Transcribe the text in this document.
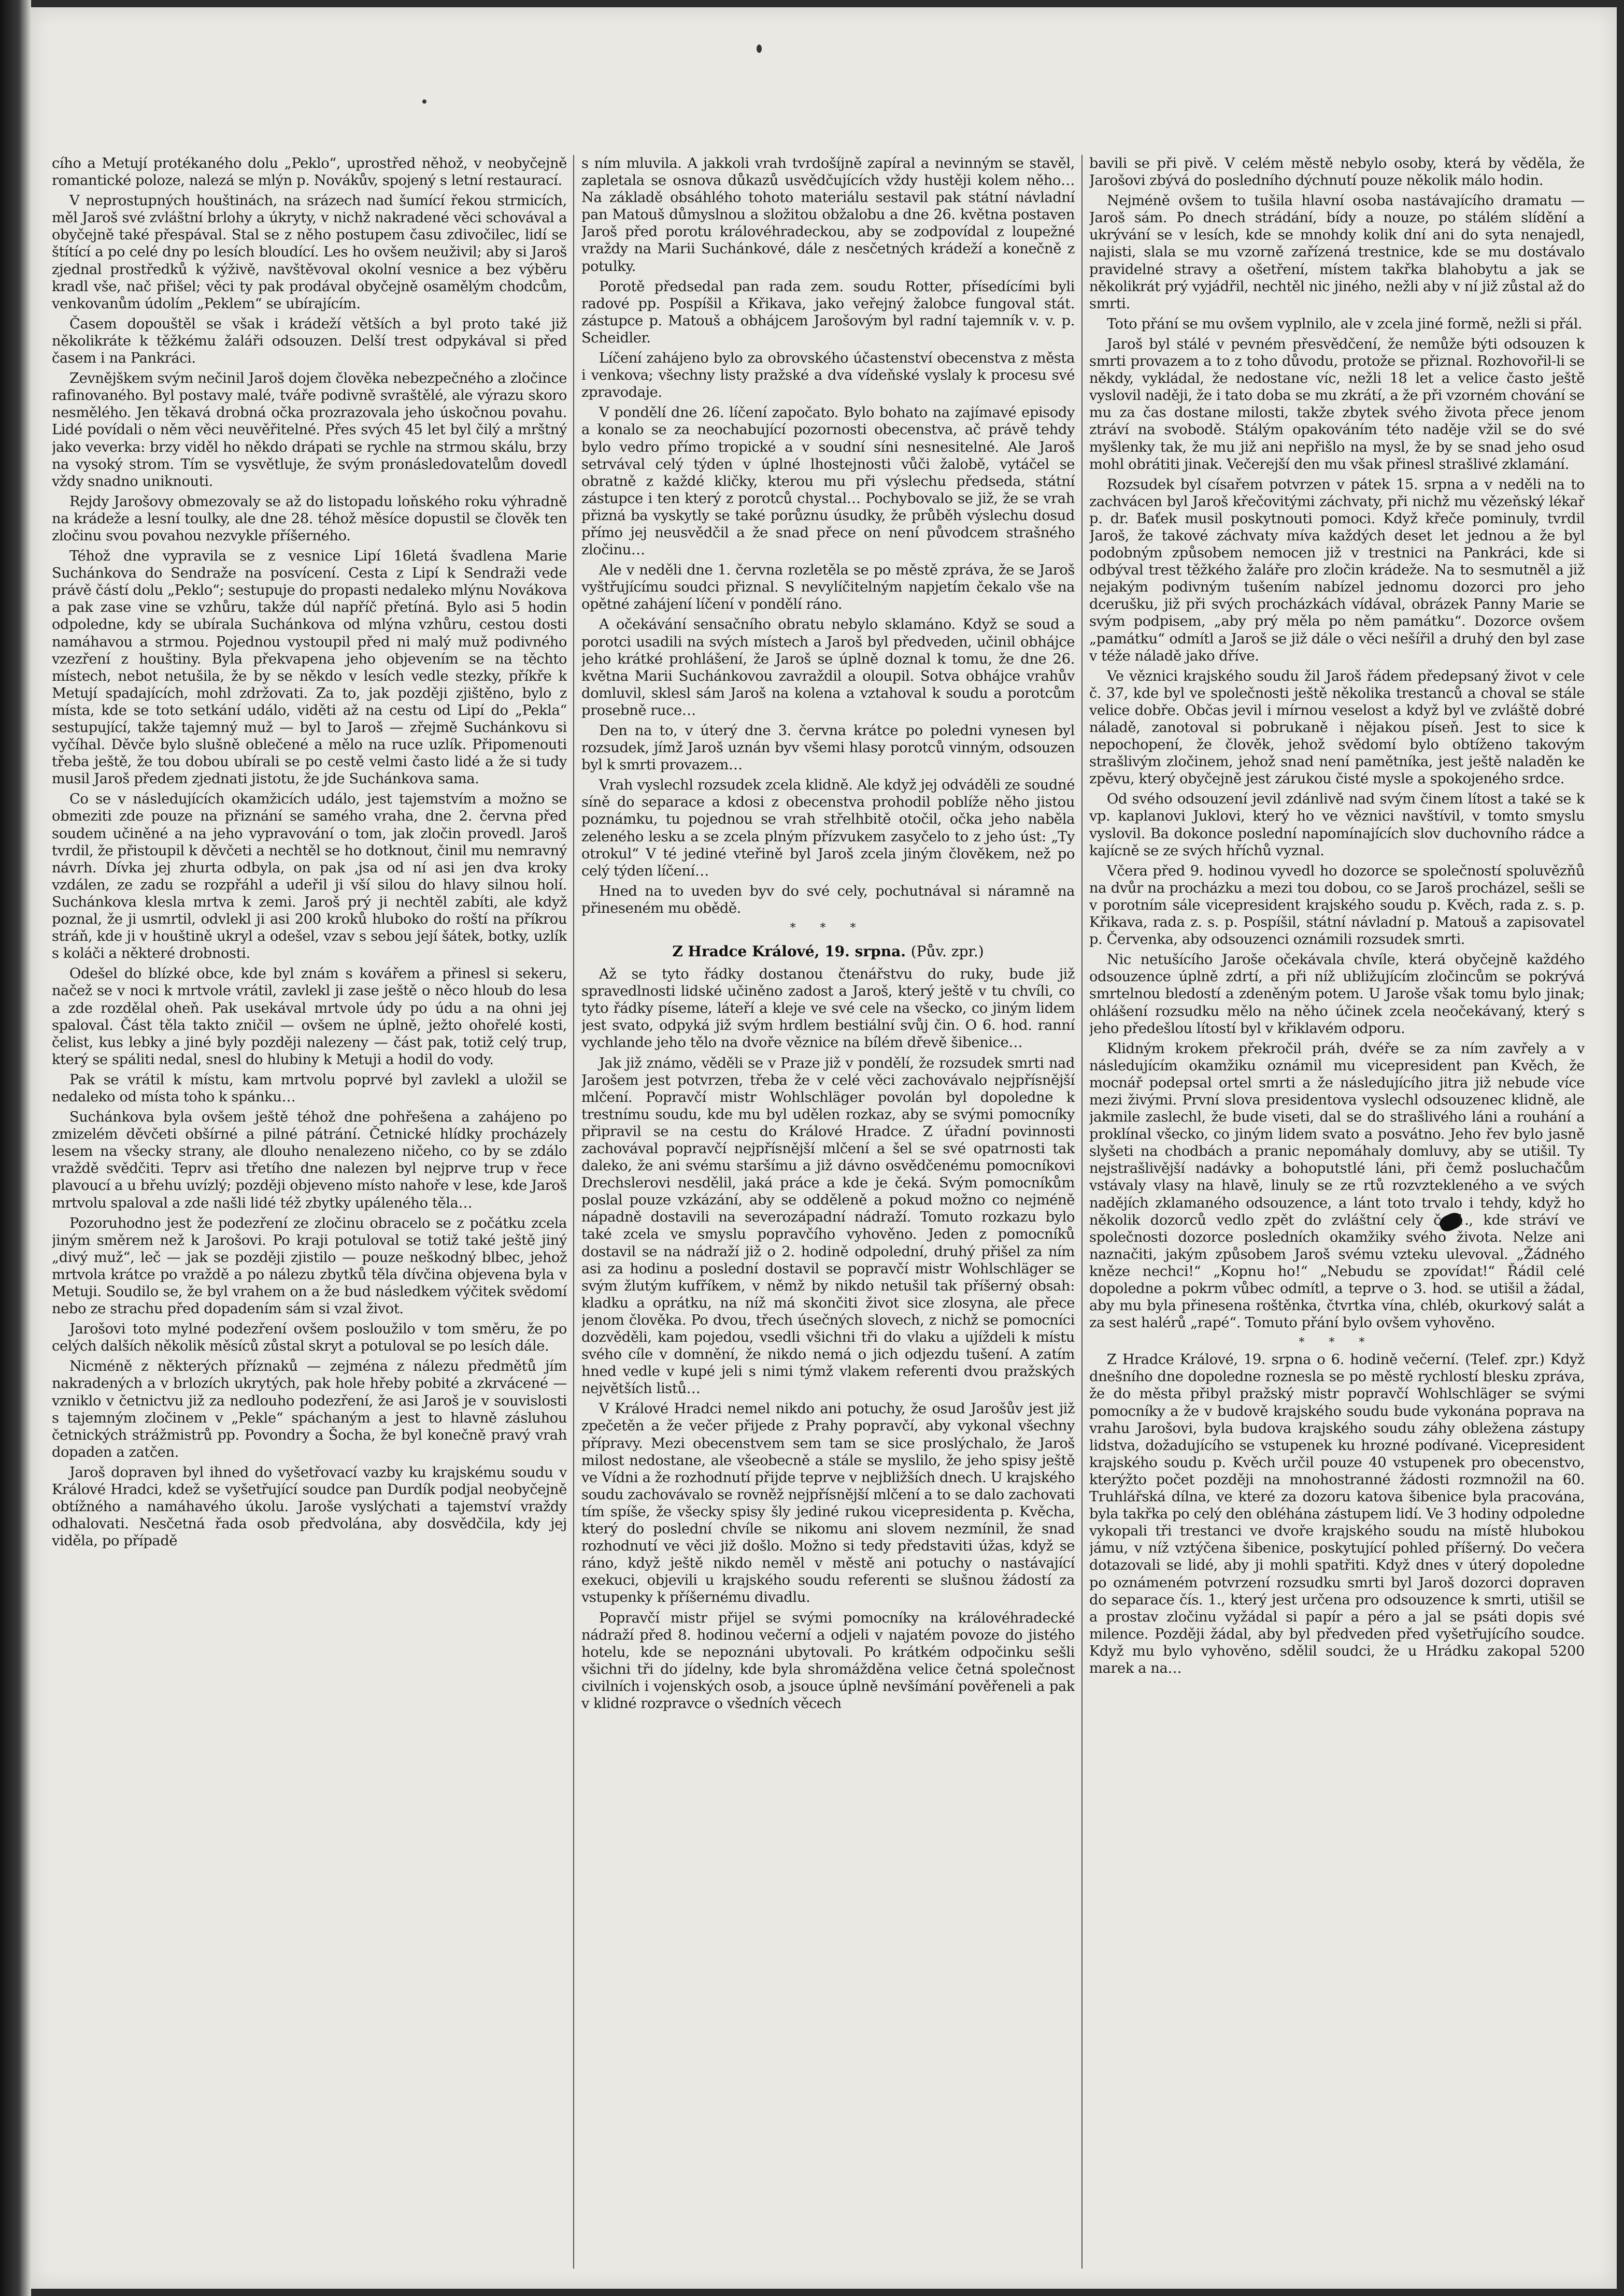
cího a Metují protékaného dolu „Peklo“, uprostřed něhož, v neobyčejně romantické poloze, nalezá se mlýn p. Novákův, spojený s letní restaurací.

V neprostupných houštinách, na srázech nad šumící řekou strmicích, měl Jaroš své zvláštní brlohy a úkryty, v nichž nakradené věci schovával a obyčejně také přespával. Stal se z něho postupem času zdivočilec, lidí se štítící a po celé dny po lesích bloudící. Les ho ovšem neuživil; aby si Jaroš zjednal prostředků k výživě, navštěvoval okolní vesnice a bez výběru kradl vše, nač přišel; věci ty pak prodával obyčejně osamělým chodcům, venkovanům údolím „Peklem“ se ubírajícím.

Časem dopouštěl se však i krádeží větších a byl proto také již několikráte k těžkému žaláři odsouzen. Delší trest odpykával si před časem i na Pankráci.

Zevnějškem svým nečinil Jaroš dojem člověka nebezpečného a zločince rafinovaného. Byl postavy malé, tváře podivně svraštělé, ale výrazu skoro nesmělého. Jen těkavá drobná očka prozrazovala jeho úskočnou povahu. Lidé povídali o něm věci neuvěřitelné. Přes svých 45 let byl čilý a mrštný jako veverka: brzy viděl ho někdo drápati se rychle na strmou skálu, brzy na vysoký strom. Tím se vysvětluje, že svým pronásledovatelům dovedl vždy snadno uniknouti.

Rejdy Jarošovy obmezovaly se až do listopadu loňského roku výhradně na krádeže a lesní toulky, ale dne 28. téhož měsíce dopustil se člověk ten zločinu svou povahou nezvykle příšerného.

Téhož dne vypravila se z vesnice Lipí 16letá švadlena Marie Suchánkova do Sendraže na posvícení. Cesta z Lipí k Sendraži vede právě částí dolu „Peklo“; sestupuje do propasti nedaleko mlýnu Novákova a pak zase vine se vzhůru, takže dúl napříč přetíná. Bylo asi 5 hodin odpoledne, kdy se ubírala Suchánkova od mlýna vzhůru, cestou dosti namáhavou a strmou. Pojednou vystoupil před ni malý muž podivného vzezření z houštiny. Byla překvapena jeho objevením se na těchto místech, nebot netušila, že by se někdo v lesích vedle stezky, příkře k Metují spadajících, mohl zdržovati. Za to, jak později zjištěno, bylo z místa, kde se toto setkání událo, viděti až na cestu od Lipí do „Pekla“ sestupující, takže tajemný muž — byl to Jaroš — zřejmě Suchánkovu si vyčíhal. Děvče bylo slušně oblečené a mělo na ruce uzlík. Připomenouti třeba ještě, že tou dobou ubírali se po cestě velmi často lidé a že si tudy musil Jaroš předem zjednati jistotu, že jde Suchánkova sama.

Co se v následujících okamžicích událo, jest tajemstvím a možno se obmeziti zde pouze na přiznání se samého vraha, dne 2. června před soudem učiněné a na jeho vypravování o tom, jak zločin provedl. Jaroš tvrdil, že přistoupil k děvčeti a nechtěl se ho dotknout, činil mu nemravný návrh. Dívka jej zhurta odbyla, on pak ‚jsa od ní asi jen dva kroky vzdálen, ze zadu se rozpřáhl a udeřil ji vší silou do hlavy silnou holí. Suchánkova klesla mrtva k zemi. Jaroš prý ji nechtěl zabíti, ale když poznal, že ji usmrtil, odvlekl ji asi 200 kroků hluboko do roští na příkrou stráň, kde ji v houštině ukryl a odešel, vzav s sebou její šátek, botky, uzlík s koláči a některé drobnosti.

Odešel do blízké obce, kde byl znám s kovářem a přinesl si sekeru, načež se v noci k mrtvole vrátil, zavlekl ji zase ještě o něco hloub do lesa a zde rozdělal oheň. Pak usekával mrtvole údy po údu a na ohni jej spaloval. Část těla takto zničil — ovšem ne úplně, ježto ohořelé kosti, čelist, kus lebky a jiné byly později nalezeny — část pak, totiž celý trup, který se spáliti nedal, snesl do hlubiny k Metuji a hodil do vody.

Pak se vrátil k místu, kam mrtvolu poprvé byl zavlekl a uložil se nedaleko od místa toho k spánku…

Suchánkova byla ovšem ještě téhož dne pohřešena a zahájeno po zmizelém děvčeti obšírné a pilné pátrání. Četnické hlídky procházely lesem na všecky strany, ale dlouho nenalezeno ničeho, co by se zdálo vraždě svědčiti. Teprv asi třetího dne nalezen byl nejprve trup v řece plavoucí a u břehu uvízlý; později objeveno místo nahoře v lese, kde Jaroš mrtvolu spaloval a zde našli lidé též zbytky upáleného těla…

Pozoruhodno jest že podezření ze zločinu obracelo se z počátku zcela jiným směrem než k Jarošovi. Po kraji potuloval se totiž také ještě jiný „divý muž“, leč — jak se později zjistilo — pouze neškodný blbec, jehož mrtvola krátce po vraždě a po nálezu zbytků těla dívčina objevena byla v Metuji. Soudilo se, že byl vrahem on a že bud následkem výčitek svědomí nebo ze strachu před dopadením sám si vzal život.

Jarošovi toto mylné podezření ovšem posloužilo v tom směru, že po celých dalších několik měsíců zůstal skryt a potuloval se po lesích dále.

Nicméně z některých příznaků — zejména z nálezu předmětů jím nakradených a v brlozích ukrytých, pak hole hřeby pobité a zkrvácené — vzniklo v četnictvu již za nedlouho podezření, že asi Jaroš je v souvislosti s tajemným zločinem v „Pekle“ spáchaným a jest to hlavně zásluhou četnických strážmistrů pp. Povondry a Šocha, že byl konečně pravý vrah dopaden a zatčen.

Jaroš dopraven byl ihned do vyšetřovací vazby ku krajskému soudu v Králové Hradci, kdež se vyšetřující soudce pan Durdík podjal neobyčejně obtížného a namáhavého úkolu. Jaroše vyslýchati a tajemství vraždy odhalovati. Nesčetná řada osob předvolána, aby dosvědčila, kdy jej viděla, po případě

s ním mluvila. A jakkoli vrah tvrdošíjně zapíral a nevinným se stavěl, zapletala se osnova důkazů usvědčujících vždy hustěji kolem něho… Na základě obsáhlého tohoto materiálu sestavil pak státní návladní pan Matouš důmyslnou a složitou obžalobu a dne 26. května postaven Jaroš před porotu královéhradeckou, aby se zodpovídal z loupežné vraždy na Marii Suchánkové, dále z nesčetných krádeží a konečně z potulky.

Porotě předsedal pan rada zem. soudu Rotter, přísedícími byli radové pp. Pospíšil a Křikava, jako veřejný žalobce fungoval stát. zástupce p. Matouš a obhájcem Jarošovým byl radní tajemník v. v. p. Scheidler.

Líčení zahájeno bylo za obrovského účastenství obecenstva z města i venkova; všechny listy pražské a dva vídeňské vyslaly k procesu své zpravodaje.

V pondělí dne 26. líčení započato. Bylo bohato na zajímavé episody a konalo se za neochabující pozornosti obecenstva, ač právě tehdy bylo vedro přímo tropické a v soudní síni nesnesitelné. Ale Jaroš setrvával celý týden v úplné lhostejnosti vůči žalobě, vytáčel se obratně z každé kličky, kterou mu při výslechu předseda, státní zástupce i ten který z porotců chystal… Pochybovalo se již, že se vrah přizná ba vyskytly se také porůznu úsudky, že průběh výslechu dosud přímo jej neusvědčil a že snad přece on není původcem strašného zločinu…

Ale v neděli dne 1. června rozletěla se po městě zpráva, že se Jaroš vyštřujícímu soudci přiznal. S nevylíčitelným napjetím čekalo vše na opětné zahájení líčení v pondělí ráno.

A očekávání sensačního obratu nebylo sklamáno. Když se soud a porotci usadili na svých místech a Jaroš byl předveden, učinil obhájce jeho krátké prohlášení, že Jaroš se úplně doznal k tomu, že dne 26. května Marii Suchánkovou zavraždil a oloupil. Sotva obhájce vrahův domluvil, sklesl sám Jaroš na kolena a vztahoval k soudu a porotcům prosebně ruce…

Den na to, v úterý dne 3. června krátce po poledni vynesen byl rozsudek, jímž Jaroš uznán byv všemi hlasy porotců vinným, odsouzen byl k smrti provazem…

Vrah vyslechl rozsudek zcela klidně. Ale když jej odváděli ze soudné síně do separace a kdosi z obecenstva prohodil poblíže něho jistou poznámku, tu pojednou se vrah střelhbitě otočil, očka jeho naběla zeleného lesku a se zcela plným přízvukem zasyčelo to z jeho úst: „Ty otrokul“ V té jediné vteřině byl Jaroš zcela jiným člověkem, než po celý týden líčení…

Hned na to uveden byv do své cely, pochutnával si náramně na přineseném mu obědě.

* * *
Z Hradce Králové, 19. srpna. (Pův. zpr.)

Až se tyto řádky dostanou čtenářstvu do ruky, bude již spravedlnosti lidské učiněno zadost a Jaroš, který ještě v tu chvíli, co tyto řádky píseme, láteří a kleje ve své cele na všecko, co jiným lidem jest svato, odpyká již svým hrdlem bestiální svůj čin. O 6. hod. ranní vychlande jeho tělo na dvoře věznice na bílém dřevě šibenice…

Jak již známo, věděli se v Praze již v pondělí, že rozsudek smrti nad Jarošem jest potvrzen, třeba že v celé věci zachovávalo nejpřísnější mlčení. Popravčí mistr Wohlschläger povolán byl dopoledne k trestnímu soudu, kde mu byl udělen rozkaz, aby se svými pomocníky připravil se na cestu do Králové Hradce. Z úřadní povinnosti zachovával popravčí nejpřísnější mlčení a šel se své opatrnosti tak daleko, že ani svému staršímu a již dávno osvědčenému pomocníkovi Drechslerovi nesdělil, jaká práce a kde je čeká. Svým pomocníkům poslal pouze vzkázání, aby se odděleně a pokud možno co nejméně nápadně dostavili na severozápadní nádraží. Tomuto rozkazu bylo také zcela ve smyslu popravčího vyhověno. Jeden z pomocníků dostavil se na nádraží již o 2. hodině odpolední, druhý přišel za ním asi za hodinu a poslední dostavil se popravčí mistr Wohlschläger se svým žlutým kufříkem, v němž by nikdo netušil tak příšerný obsah: kladku a oprátku, na níž má skončiti život sice zlosyna, ale přece jenom člověka. Po dvou, třech úsečných slovech, z nichž se pomocníci dozvěděli, kam pojedou, vsedli všichni tři do vlaku a ujíždeli k místu svého cíle v domnění, že nikdo nemá o jich odjezdu tušení. A zatím hned vedle v kupé jeli s nimi týmž vlakem referenti dvou pražských největších listů…

V Králové Hradci nemel nikdo ani potuchy, že osud Jarošův jest již zpečetěn a že večer přijede z Prahy popravčí, aby vykonal všechny přípravy. Mezi obecenstvem sem tam se sice proslýchalo, že Jaroš milost nedostane, ale všeobecně a stále se myslilo, že jeho spisy ještě ve Vídni a že rozhodnutí přijde teprve v nejbližších dnech. U krajského soudu zachovávalo se rovněž nejpřísnější mlčení a to se dalo zachovati tím spíše, že všecky spisy šly jediné rukou vicepresidenta p. Kvěcha, který do poslední chvíle se nikomu ani slovem nezmínil, že snad rozhodnutí ve věci již došlo. Možno si tedy představiti úžas, když se ráno, když ještě nikdo neměl v městě ani potuchy o nastávající exekuci, objevili u krajského soudu referenti se slušnou žádostí za vstupenky k příšernému divadlu.

Popravčí mistr přijel se svými pomocníky na královéhradecké nádraží před 8. hodinou večerní a odjeli v najatém povoze do jistého hotelu, kde se nepoznáni ubytovali. Po krátkém odpočinku sešli všichni tři do jídelny, kde byla shromážděna velice četná společnost civilních i vojenských osob, a jsouce úplně nevšímání pověřeneli a pak v klidné rozpravce o všedních věcech

bavili se při pivě. V celém městě nebylo osoby, která by věděla, že Jarošovi zbývá do posledního dýchnutí pouze několik málo hodin.

Nejméně ovšem to tušila hlavní osoba nastávajícího dramatu — Jaroš sám. Po dnech strádání, bídy a nouze, po stálém slídění a ukrývání se v lesích, kde se mnohdy kolik dní ani do syta nenajedl, najisti, slala se mu vzorně zařízená trestnice, kde se mu dostávalo pravidelné stravy a ošetření, místem takřka blahobytu a jak se několikrát prý vyjádřil, nechtěl nic jiného, nežli aby v ní již zůstal až do smrti.

Toto přání se mu ovšem vyplnilo, ale v zcela jiné formě, nežli si přál.

Jaroš byl stálé v pevném přesvědčení, že nemůže býti odsouzen k smrti provazem a to z toho důvodu, protože se přiznal. Rozhovořil-li se někdy, vykládal, že nedostane víc, nežli 18 let a velice často ještě vyslovil naději, že i tato doba se mu zkrátí, a že při vzorném chování se mu za čas dostane milosti, takže zbytek svého života přece jenom ztráví na svobodě. Stálým opakováním této naděje vžil se do své myšlenky tak, že mu již ani nepřišlo na mysl, že by se snad jeho osud mohl obrátiti jinak. Večerejší den mu však přinesl strašlivé zklamání.

Rozsudek byl císařem potvrzen v pátek 15. srpna a v neděli na to zachvácen byl Jaroš křečovitými záchvaty, při nichž mu vězeňský lékař p. dr. Baťek musil poskytnouti pomoci. Když křeče pominuly, tvrdil Jaroš, že takové záchvaty míva každých deset let jednou a že byl podobným způsobem nemocen již v trestnici na Pankráci, kde si odbýval trest těžkého žaláře pro zločin krádeže. Na to sesmutněl a již nejakým podivným tušením nabízel jednomu dozorci pro jeho dcerušku, již při svých procházkách vídával, obrázek Panny Marie se svým podpisem, „aby prý měla po něm památku“. Dozorce ovšem „památku“ odmítl a Jaroš se již dále o věci nešířil a druhý den byl zase v téže náladě jako dříve.

Ve věznici krajského soudu žil Jaroš řádem předepsaný život v cele č. 37, kde byl ve společnosti ještě několika trestanců a choval se stále velice dobře. Občas jevil i mírnou veselost a když byl ve zvláště dobré náladě, zanotoval si pobrukaně i nějakou píseň. Jest to sice k nepochopení, že člověk, jehož svědomí bylo obtíženo takovým strašlivým zločinem, jehož snad není pamětníka, jest ještě naladěn ke zpěvu, který obyčejně jest zárukou čisté mysle a spokojeného srdce.

Od svého odsouzení jevil zdánlivě nad svým činem lítost a také se k vp. kaplanovi Juklovi, který ho ve věznici navštívil, v tomto smyslu vyslovil. Ba dokonce poslední napomínajících slov duchovního rádce a kajícně se ze svých hříchů vyznal.

Včera před 9. hodinou vyvedl ho dozorce se společností spoluvězňů na dvůr na procházku a mezi tou dobou, co se Jaroš procházel, sešli se v porotním sále vicepresident krajského soudu p. Kvěch, rada z. s. p. Křikava, rada z. s. p. Pospíšil, státní návladní p. Matouš a zapisovatel p. Červenka, aby odsouzenci oznámili rozsudek smrti.

Nic netušícího Jaroše očekávala chvíle, která obyčejně každého odsouzence úplně zdrtí, a při níž ubližujícím zločincům se pokrývá smrtelnou bledostí a zdeněným potem. U Jaroše však tomu bylo jinak; ohlášení rozsudku mělo na něho účinek zcela neočekávaný, který s jeho předešlou lítostí byl v křiklavém odporu.

Klidným krokem překročil práh, dvéře se za ním zavřely a v následujícím okamžiku oznámil mu vicepresident pan Kvěch, že mocnář podepsal ortel smrti a že následujícího jitra již nebude více mezi živými. První slova presidentova vyslechl odsouzenec klidně, ale jakmile zaslechl, že bude viseti, dal se do strašlivého láni a rouhání a proklínal všecko, co jiným lidem svato a posvátno. Jeho řev bylo jasně slyšeti na chodbách a pranic nepomáhaly domluvy, aby se utišil. Ty nejstrašlivější nadávky a bohoputstlé láni, při čemž posluchačům vstávaly vlasy na hlavě, linuly se ze rtů rozvztekleného a ve svých nadějích zklamaného odsouzence, a lánt toto trvalo i tehdy, když ho několik dozorců vedlo zpět do zvláštní cely č. 1., kde stráví ve společnosti dozorce posledních okamžiky svého života. Nelze ani naznačiti, jakým způsobem Jaroš svému vzteku ulevoval. „Žádného kněze nechci!“ „Kopnu ho!“ „Nebudu se zpovídat!“ Řádil celé dopoledne a pokrm vůbec odmítl, a teprve o 3. hod. se utišil a žádal, aby mu byla přinesena roštěnka, čtvrtka vína, chléb, okurkový salát a za sest halérů „rapé“. Tomuto přání bylo ovšem vyhověno.

* * *

Z Hradce Králové, 19. srpna o 6. hodině večerní. (Telef. zpr.) Když dnešního dne dopoledne roznesla se po městě rychlostí blesku zpráva, že do města přibyl pražský mistr popravčí Wohlschläger se svými pomocníky a že v budově krajského soudu bude vykonána poprava na vrahu Jarošovi, byla budova krajského soudu záhy obležena zástupy lidstva, dožadujícího se vstupenek ku hrozné podívané. Vicepresident krajského soudu p. Kvěch určil pouze 40 vstupenek pro obecenstvo, kterýžto počet později na mnohostranné žádosti rozmnožil na 60. Truhlářská dílna, ve které za dozoru katova šibenice byla pracována, byla takřka po celý den obléhána zástupem lidí. Ve 3 hodiny odpoledne vykopali tři trestanci ve dvoře krajského soudu na místě hlubokou jámu, v níž vztýčena šibenice, poskytující pohled příšerný. Do večera dotazovali se lidé, aby ji mohli spatřiti. Když dnes v úterý dopoledne po oznámeném potvrzení rozsudku smrti byl Jaroš dozorci dopraven do separace čís. 1., který jest určena pro odsouzence k smrti, utišil se a prostav zločinu vyžádal si papír a péro a jal se psáti dopis své milence. Později žádal, aby byl předveden před vyšetřujícího soudce. Když mu bylo vyhověno, sdělil soudci, že u Hrádku zakopal 5200 marek a na…
